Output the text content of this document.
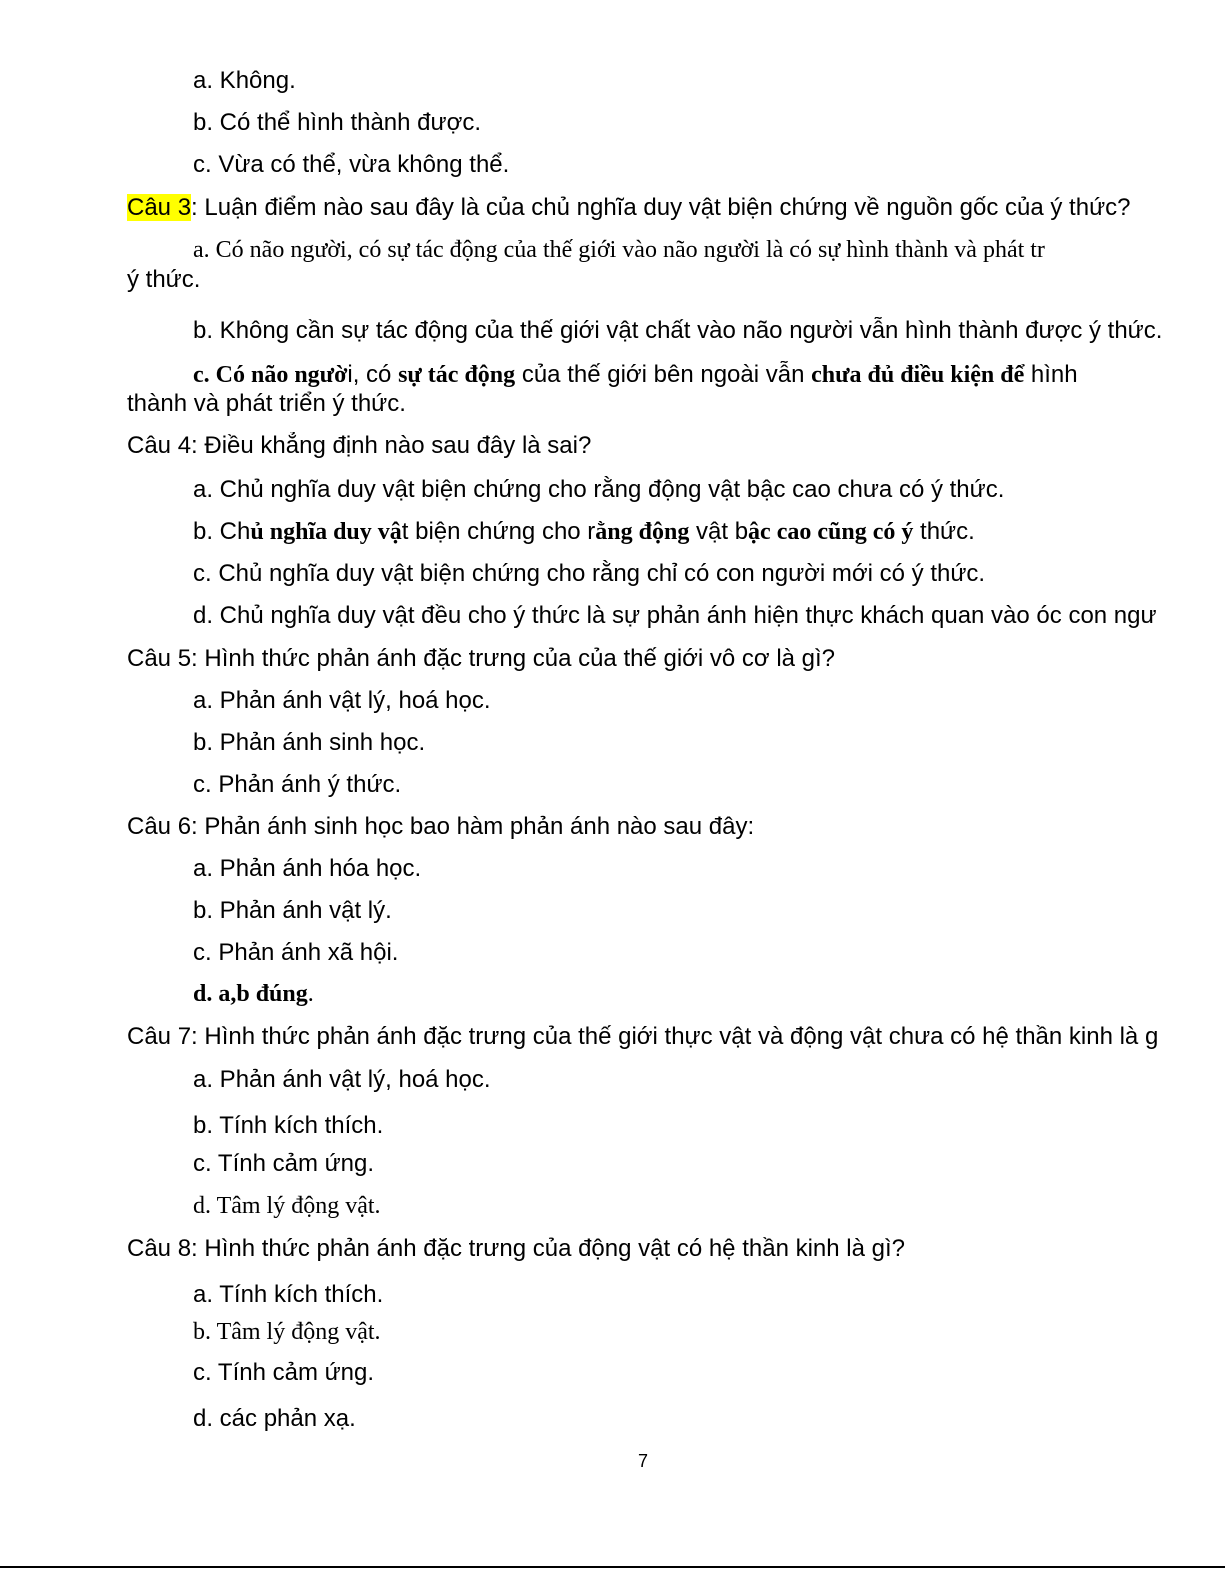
a. Không.
b. Có thể hình thành được.
c. Vừa có thể, vừa không thể.
Câu 3: Luận điểm nào sau đây là của chủ nghĩa duy vật biện chứng về nguồn gốc của ý thức?
a. Có não người, có sự tác động của thế giới vào não người là có sự hình thành và phát tr
ý thức.
b. Không cần sự tác động của thế giới vật chất vào não người vẫn hình thành được ý thức.
c. Có não người, có sự tác động của thế giới bên ngoài vẫn chưa đủ điều kiện để hình
thành và phát triển ý thức.
Câu 4: Điều khẳng định nào sau đây là sai?
a. Chủ nghĩa duy vật biện chứng cho rằng động vật bậc cao chưa có ý thức.
b. Chủ nghĩa duy vật biện chứng cho rằng động vật bậc cao cũng có ý thức.
c. Chủ nghĩa duy vật biện chứng cho rằng chỉ có con người mới có ý thức.
d. Chủ nghĩa duy vật đều cho ý thức là sự phản ánh hiện thực khách quan vào óc con ngư
Câu 5: Hình thức phản ánh đặc trưng của của thế giới vô cơ là gì?
a. Phản ánh vật lý, hoá học.
b. Phản ánh sinh học.
c. Phản ánh ý thức.
Câu 6: Phản ánh sinh học bao hàm phản ánh nào sau đây:
a. Phản ánh hóa học.
b. Phản ánh vật lý.
c. Phản ánh xã hội.
d. a,b đúng.
Câu 7: Hình thức phản ánh đặc trưng của thế giới thực vật và động vật chưa có hệ thần kinh là g
a. Phản ánh vật lý, hoá học.
b. Tính kích thích.
c. Tính cảm ứng.
d. Tâm lý động vật.
Câu 8: Hình thức phản ánh đặc trưng của động vật có hệ thần kinh là gì?
a. Tính kích thích.
b. Tâm lý động vật.
c. Tính cảm ứng.
d. các phản xạ.
7
